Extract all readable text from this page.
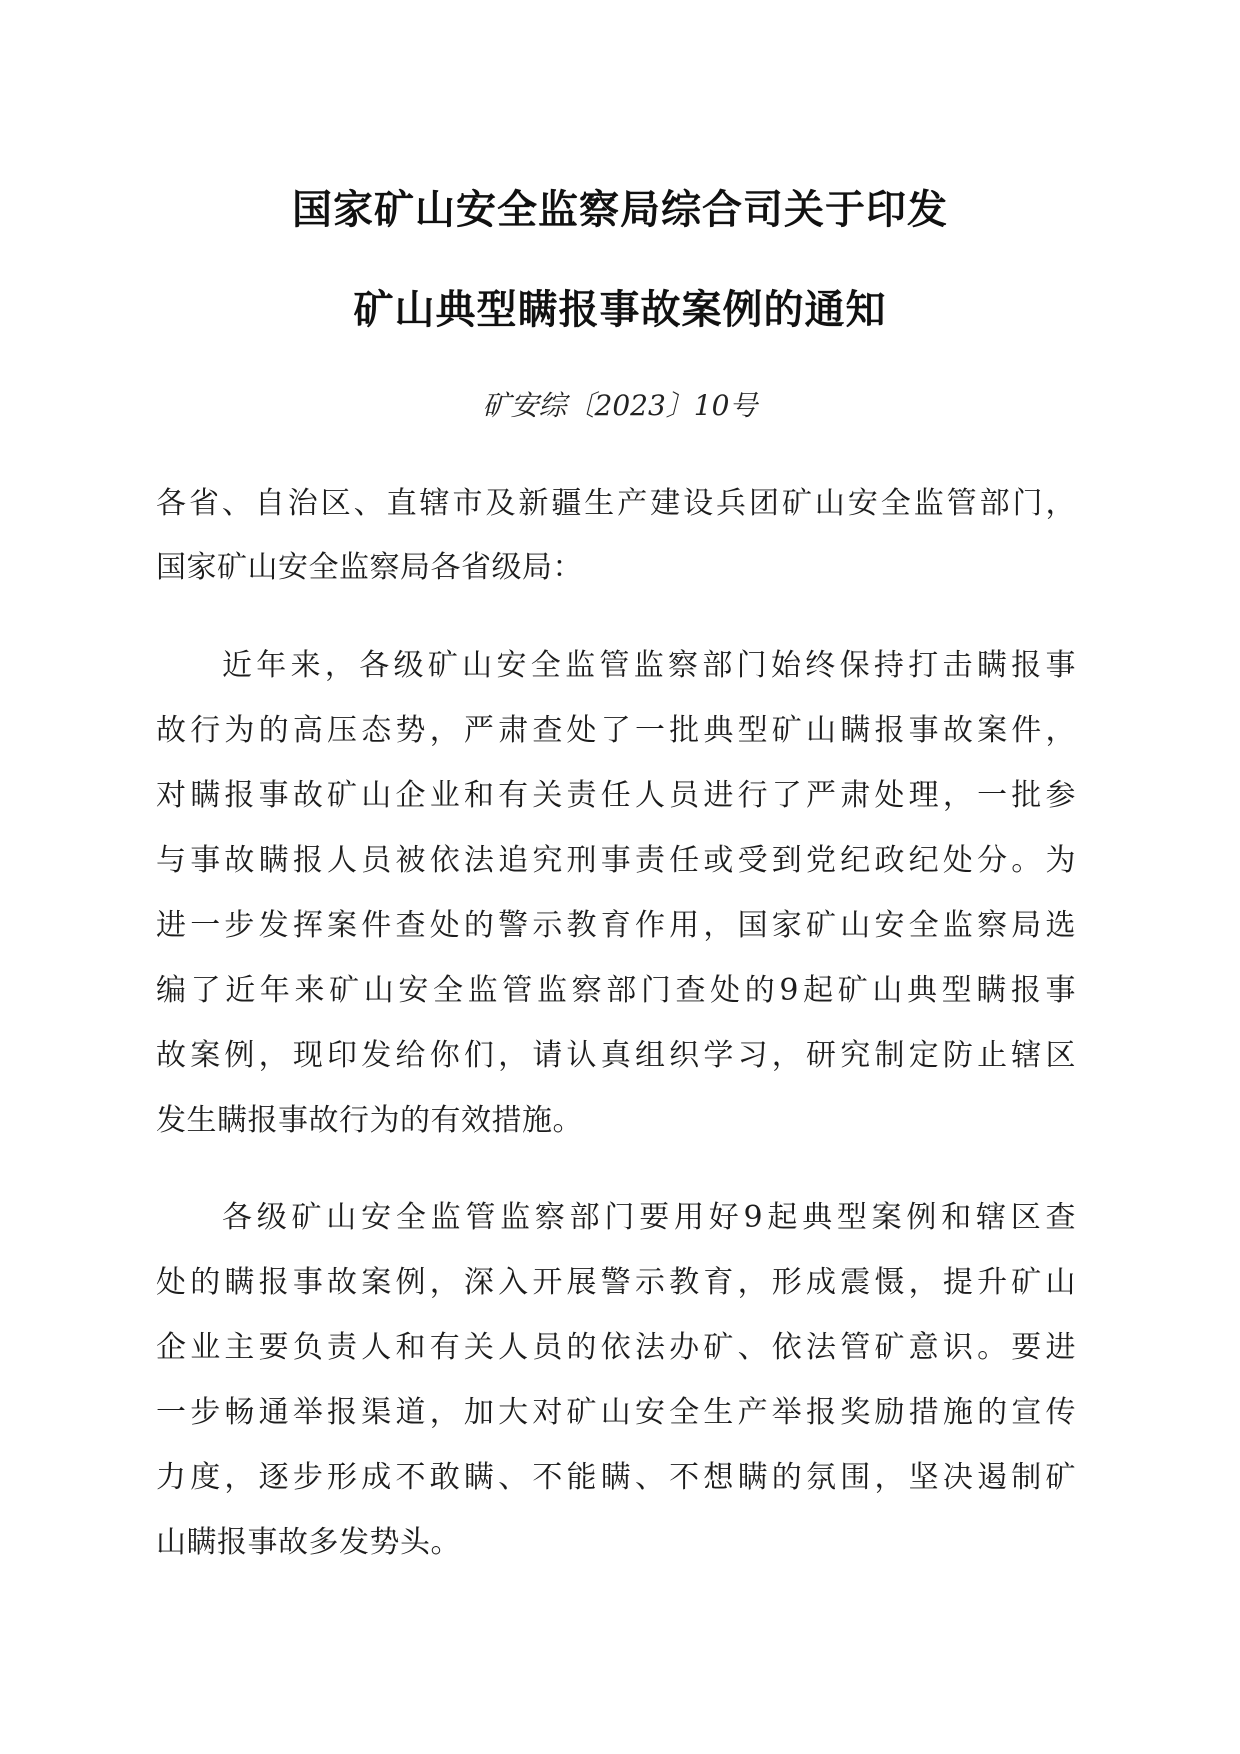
国家矿山安全监察局综合司关于印发
矿山典型瞒报事故案例的通知
矿安综〔2023〕10号
各省、自治区、直辖市及新疆生产建设兵团矿山安全监管部门，
国家矿山安全监察局各省级局：
近年来，各级矿山安全监管监察部门始终保持打击瞒报事
故行为的高压态势，严肃查处了一批典型矿山瞒报事故案件，
对瞒报事故矿山企业和有关责任人员进行了严肃处理，一批参
与事故瞒报人员被依法追究刑事责任或受到党纪政纪处分。为
进一步发挥案件查处的警示教育作用，国家矿山安全监察局选
编了近年来矿山安全监管监察部门查处的9起矿山典型瞒报事
故案例，现印发给你们，请认真组织学习，研究制定防止辖区
发生瞒报事故行为的有效措施。
各级矿山安全监管监察部门要用好9起典型案例和辖区查
处的瞒报事故案例，深入开展警示教育，形成震慑，提升矿山
企业主要负责人和有关人员的依法办矿、依法管矿意识。要进
一步畅通举报渠道，加大对矿山安全生产举报奖励措施的宣传
力度，逐步形成不敢瞒、不能瞒、不想瞒的氛围，坚决遏制矿
山瞒报事故多发势头。
